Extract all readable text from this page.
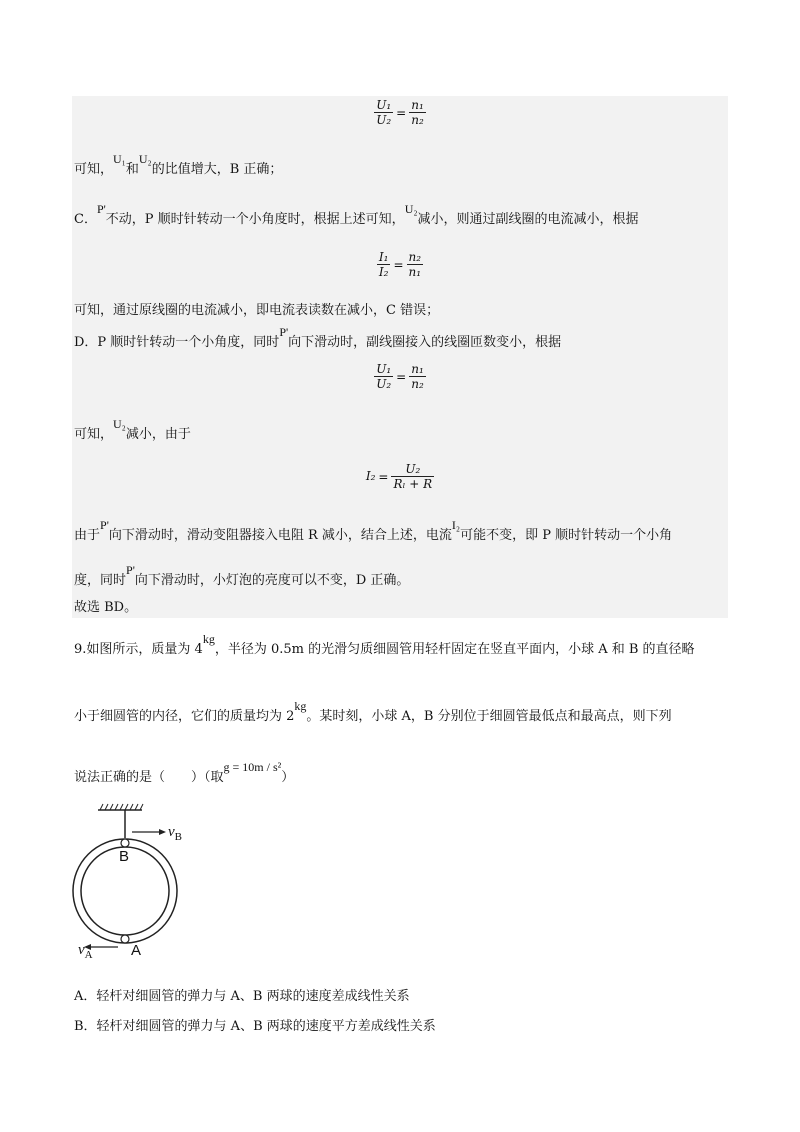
$\frac{\text{U₁}}{\text{U₂}} = \frac{\text{n₁}}{\text{n₂}}$
可知，U₁和U₂的比值增大，B 正确；
C．P'不动，P 顺时针转动一个小角度时，根据上述可知，U₂减小，则通过副线圈的电流减小，根据
$\frac{\text{I₁}}{\text{I₂}} = \frac{\text{n₂}}{\text{n₁}}$
可知，通过原线圈的电流减小，即电流表读数在减小，C 错误；
D．P 顺时针转动一个小角度，同时P'向下滑动时，副线圈接入的线圈匝数变小，根据
$\frac{\text{U₁}}{\text{U₂}} = \frac{\text{n₁}}{\text{n₂}}$
可知，U₂减小，由于
$I_2 = \frac{\text{U₂}}{\text{Rₗ + R}}$
由于P'向下滑动时，滑动变阻器接入电阻 R 减小，结合上述，电流I₂可能不变，即 P 顺时针转动一个小角
度，同时P'向下滑动时，小灯泡的亮度可以不变，D 正确。
故选 BD。
9.如图所示，质量为 4kg，半径为 0.5m 的光滑匀质细圆管用轻杆固定在竖直平面内，小球 A 和 B 的直径略
小于细圆管的内径，它们的质量均为 2kg。某时刻，小球 A，B 分别位于细圆管最低点和最高点，则下列
说法正确的是（　　）（取g = 10m / s²）
B
A
$v_B$
$v_A$
A．轻杆对细圆管的弹力与 A、B 两球的速度差成线性关系
B．轻杆对细圆管的弹力与 A、B 两球的速度平方差成线性关系
